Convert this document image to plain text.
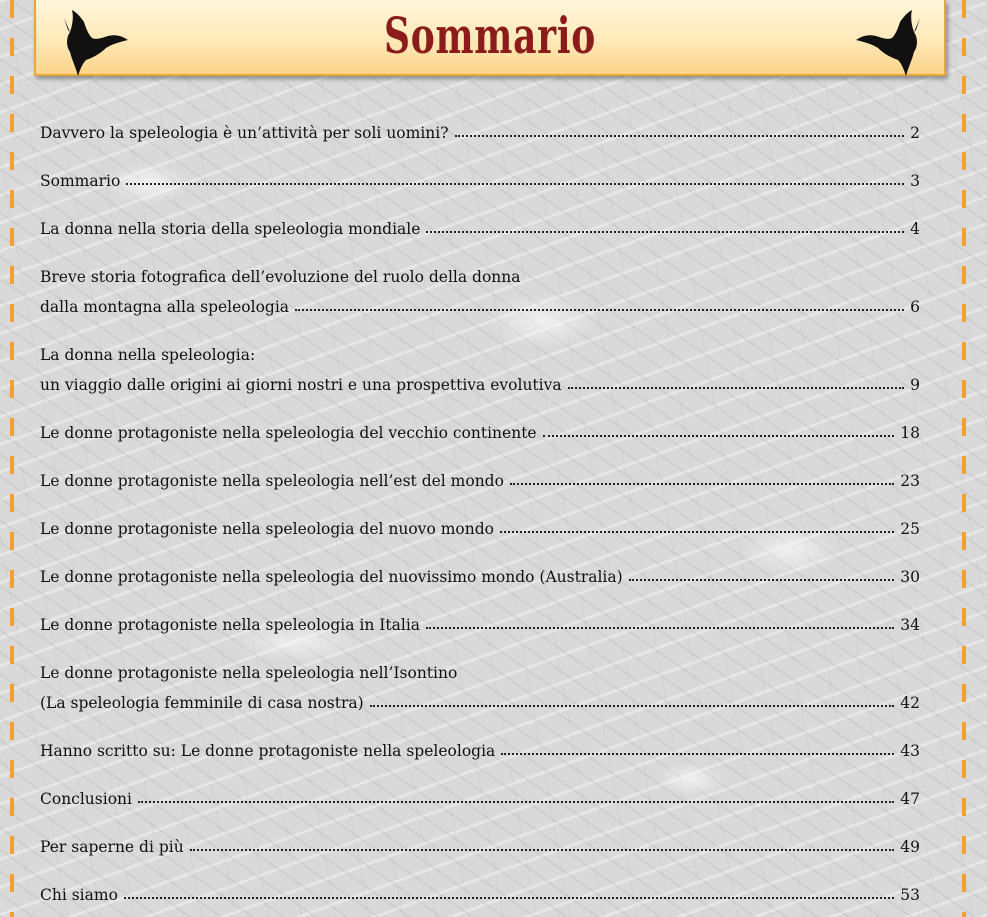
Sommario
Davvero la speleologia è un’attività per soli uomini?	2
Sommario	3
La donna nella storia della speleologia mondiale	4
Breve storia fotografica dell’evoluzione del ruolo della donna
dalla montagna alla speleologia	6
La donna nella speleologia:
un viaggio dalle origini ai giorni nostri e una prospettiva evolutiva	9
Le donne protagoniste nella speleologia del vecchio continente	18
Le donne protagoniste nella speleologia nell’est del mondo	23
Le donne protagoniste nella speleologia del nuovo mondo	25
Le donne protagoniste nella speleologia del nuovissimo mondo (Australia)	30
Le donne protagoniste nella speleologia in Italia	34
Le donne protagoniste nella speleologia nell’Isontino
(La speleologia femminile di casa nostra)	42
Hanno scritto su: Le donne protagoniste nella speleologia	43
Conclusioni	47
Per saperne di più	49
Chi siamo	53
